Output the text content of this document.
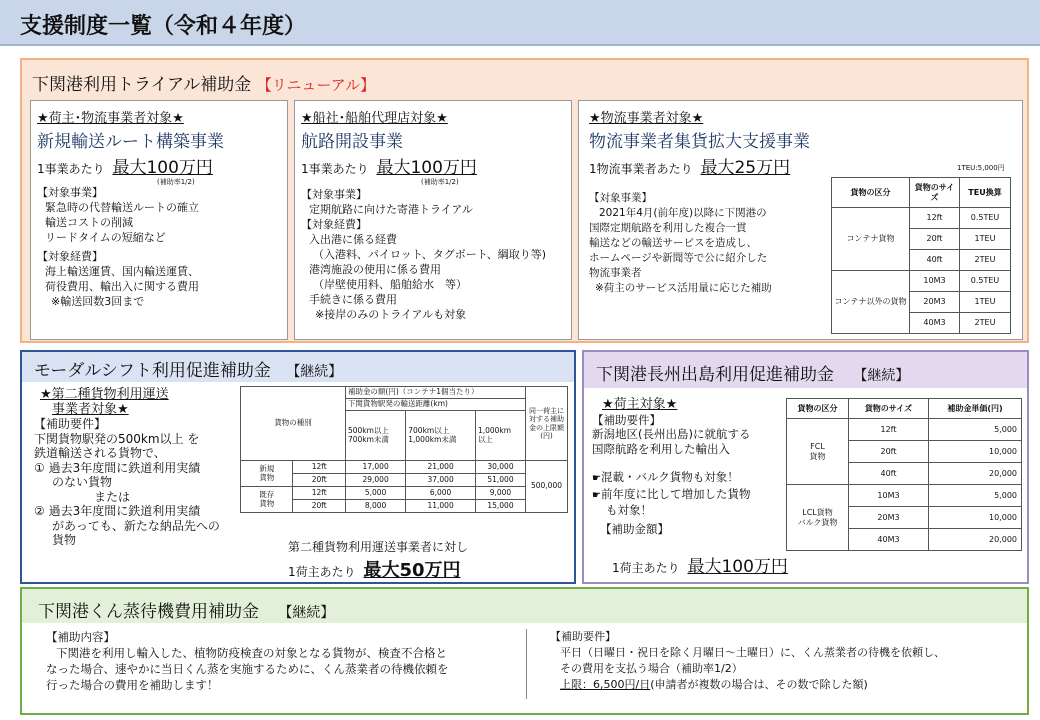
支援制度一覧（令和４年度）
下関港利用トライアル補助金 【リニューアル】
★荷主･物流事業者対象★
新規輸送ルート構築事業
1事業あたり 最大100万円
(補助率1/2)
【対象事業】
緊急時の代替輸送ルートの確立
輸送コストの削減
リードタイムの短縮など
【対象経費】
海上輸送運賃、国内輸送運賃、
荷役費用、輸出入に関する費用
※輸送回数3回まで
★船社･船舶代理店対象★
航路開設事業
1事業あたり 最大100万円
(補助率1/2)
【対象事業】
定期航路に向けた寄港トライアル
【対象経費】
入出港に係る経費
（入港料、パイロット、タグボート、綱取り等)
港湾施設の使用に係る費用
（岸壁使用料、船舶給水　等）
手続きに係る費用
※接岸のみのトライアルも対象
★物流事業者対象★
物流事業者集貨拡大支援事業
1物流事業者あたり 最大25万円	1TEU:5,000円
【対象事業】
2021年4月(前年度)以降に下関港の
国際定期航路を利用した複合一貫
輸送などの輸送サービスを造成し、
ホームページや新聞等で公に紹介した
物流事業者
※荷主のサービス活用量に応じた補助
貨物の区分	貨物のサイズ	TEU換算
コンテナ貨物	12ft	0.5TEU
	20ft	1TEU
	40ft	2TEU
コンテナ以外の貨物	10M3	0.5TEU
	20M3	1TEU
	40M3	2TEU
モーダルシフト利用促進補助金 【継続】
★第二種貨物利用運送
事業者対象★
【補助要件】
下関貨物駅発の500km以上 を
鉄道輸送される貨物で、
① 過去3年度間に鉄道利用実績
のない貨物
または
② 過去3年度間に鉄道利用実績
があっても、新たな納品先への
貨物
貨物の種別		補助金の額(円)（コンテナ1個当たり）			同一荷主に対する補助金の上限額(円)
		下関貨物駅発の輸送距離(km)			
		500km以上
700km未満	700km以上
1,000km未満	1,000km
以上	
新規
貨物	12ft	17,000	21,000	30,000	500,000
	20ft	29,000	37,000	51,000	
既存
貨物	12ft	5,000	6,000	9,000	
	20ft	8,000	11,000	15,000	
第二種貨物利用運送事業者に対し
1荷主あたり 最大50万円
下関港長州出島利用促進補助金 【継続】
★荷主対象★
【補助要件】
新潟地区(長州出島)に就航する
国際航路を利用した輸出入
☛混載・バルク貨物も対象！
☛前年度に比して増加した貨物
も対象！
【補助金額】
1荷主あたり 最大100万円
貨物の区分	貨物のサイズ	補助金単価(円)
FCL
貨物	12ft	5,000
	20ft	10,000
	40ft	20,000
LCL貨物
バルク貨物	10M3	5,000
	20M3	10,000
	40M3	20,000
下関港くん蒸待機費用補助金 【継続】
【補助内容】
下関港を利用し輸入した、植物防疫検査の対象となる貨物が、検査不合格と
なった場合、速やかに当日くん蒸を実施するために、くん蒸業者の待機依頼を
行った場合の費用を補助します！
【補助要件】
平日（日曜日・祝日を除く月曜日～土曜日）に、くん蒸業者の待機を依頼し、
その費用を支払う場合（補助率1/2）
上限：6,500円/日(申請者が複数の場合は、その数で除した額)
